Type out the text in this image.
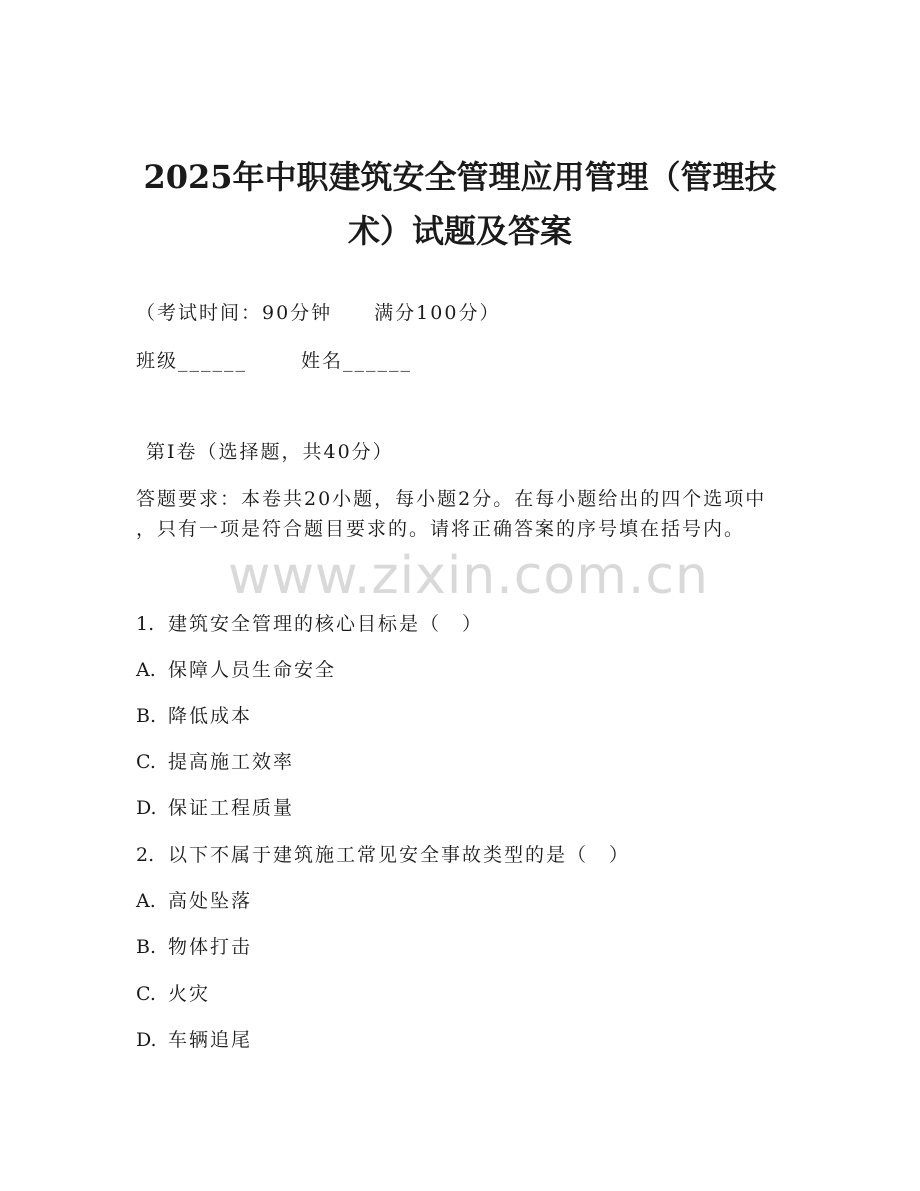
2025年中职建筑安全管理应用管理（管理技
术）试题及答案
（考试时间：90分钟　　满分100分）
班级______	姓名______
第Ⅰ卷（选择题，共40分）
答题要求：本卷共20小题，每小题2分。在每小题给出的四个选项中
，只有一项是符合题目要求的。请将正确答案的序号填在括号内。
www.zixin.com.cn
1. 建筑安全管理的核心目标是（　）
A. 保障人员生命安全
B. 降低成本
C. 提高施工效率
D. 保证工程质量
2. 以下不属于建筑施工常见安全事故类型的是（　）
A. 高处坠落
B. 物体打击
C. 火灾
D. 车辆追尾
